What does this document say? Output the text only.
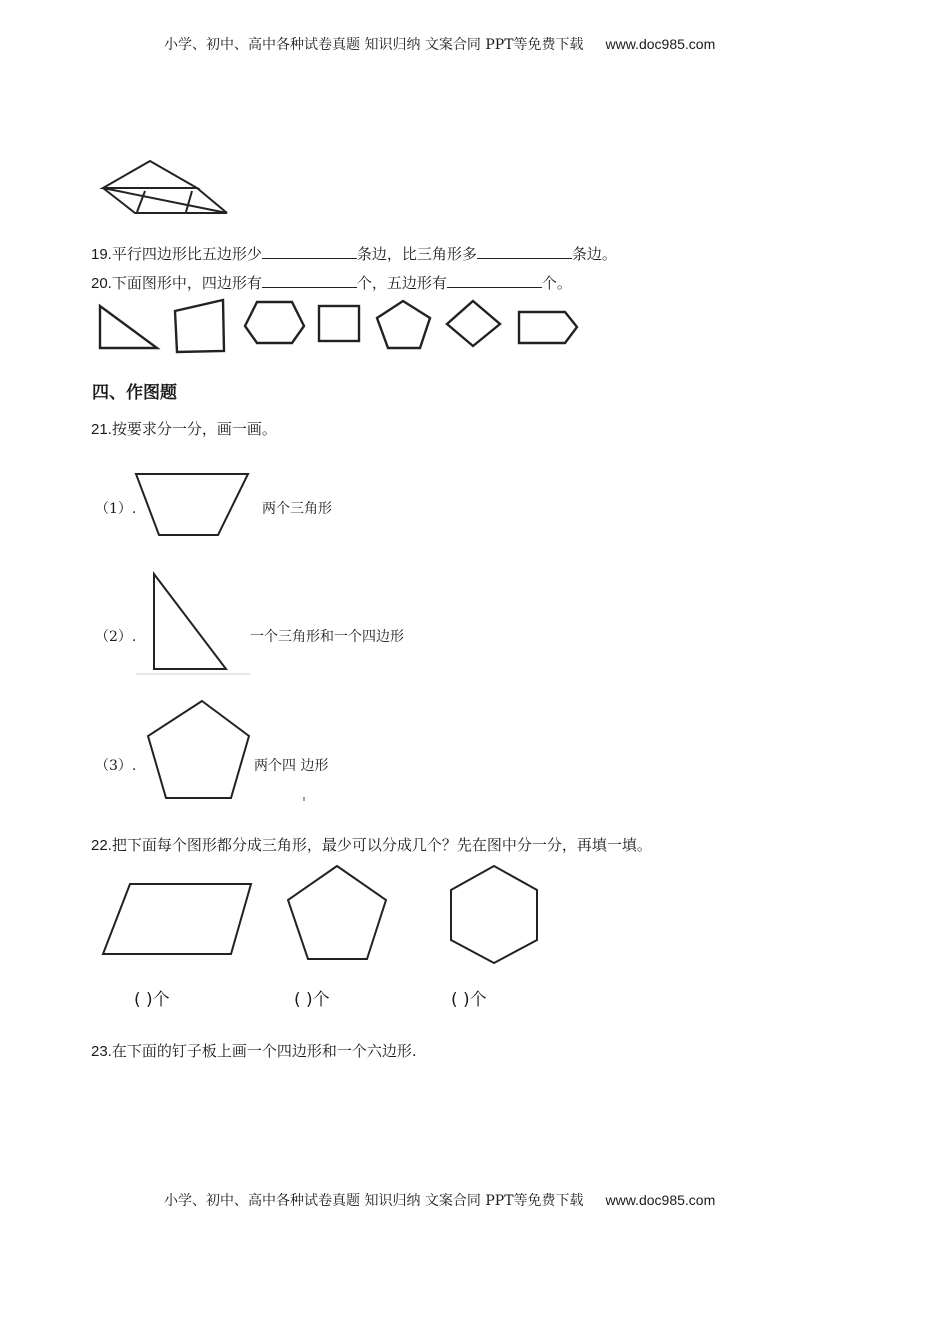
小学、初中、高中各种试卷真题 知识归纳 文案合同 PPT等免费下载 www.doc985.com
19.平行四边形比五边形少	条边，比三角形多	条边。
20.下面图形中，四边形有	个，五边形有	个。
四、作图题
21.按要求分一分，画一画。
（1）.	两个三角形
（2）.	一个三角形和一个四边形
（3）.	两个四 边形
22.把下面每个图形都分成三角形，最少可以分成几个？先在图中分一分，再填一填。
( )个	( )个	( )个
23.在下面的钉子板上画一个四边形和一个六边形.
小学、初中、高中各种试卷真题 知识归纳 文案合同 PPT等免费下载 www.doc985.com
